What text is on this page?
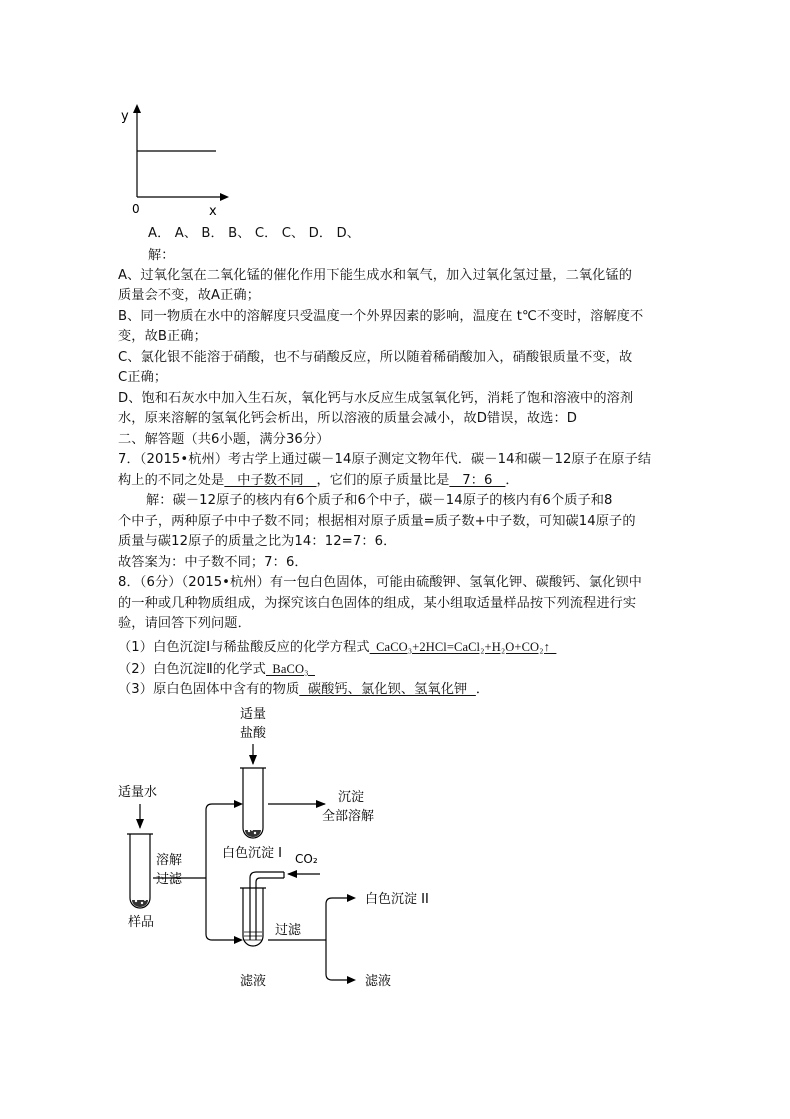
y
0	x
A． A、 B． B、 C． C、 D． D、
解：
A、过氧化氢在二氧化锰的催化作用下能生成水和氧气，加入过氧化氢过量，二氧化锰的
质量会不变，故A正确；
B、同一物质在水中的溶解度只受温度一个外界因素的影响，温度在 t℃不变时，溶解度不
变，故B正确；
C、氯化银不能溶于硝酸，也不与硝酸反应，所以随着稀硝酸加入，硝酸银质量不变，故
C正确；
D、饱和石灰水中加入生石灰，氧化钙与水反应生成氢氧化钙，消耗了饱和溶液中的溶剂
水，原来溶解的氢氧化钙会析出，所以溶液的质量会减小，故D错误，故选：D
二、解答题（共6小题，满分36分）
7．（2015•杭州）考古学上通过碳－14原子测定文物年代．碳－14和碳－12原子在原子结
构上的不同之处是   中子数不同   ，它们的原子质量比是   7：6   ．
解：碳－12原子的核内有6个质子和6个中子，碳－14原子的核内有6个质子和8
个中子，两种原子中中子数不同；根据相对原子质量=质子数+中子数，可知碳14原子的
质量与碳12原子的质量之比为14：12=7：6．
故答案为：中子数不同；7：6．
8．（6分）（2015•杭州）有一包白色固体，可能由硫酸钾、氢氧化钾、碳酸钙、氯化钡中
的一种或几种物质组成，为探究该白色固体的组成，某小组取适量样品按下列流程进行实
验，请回答下列问题．
（1）白色沉淀Ⅰ与稀盐酸反应的化学方程式  CaCO₃+2HCl=CaCl₂+H₂O+CO₂↑
（2）白色沉淀Ⅱ的化学式  BaCO₃
（3）原白色固体中含有的物质  碳酸钙、氯化钡、氢氧化钾  ．
适量
盐酸
沉淀
全部溶解
白色沉淀 I
适量水
样品
溶解
过滤
CO₂
滤液
过滤
白色沉淀 II
滤液
